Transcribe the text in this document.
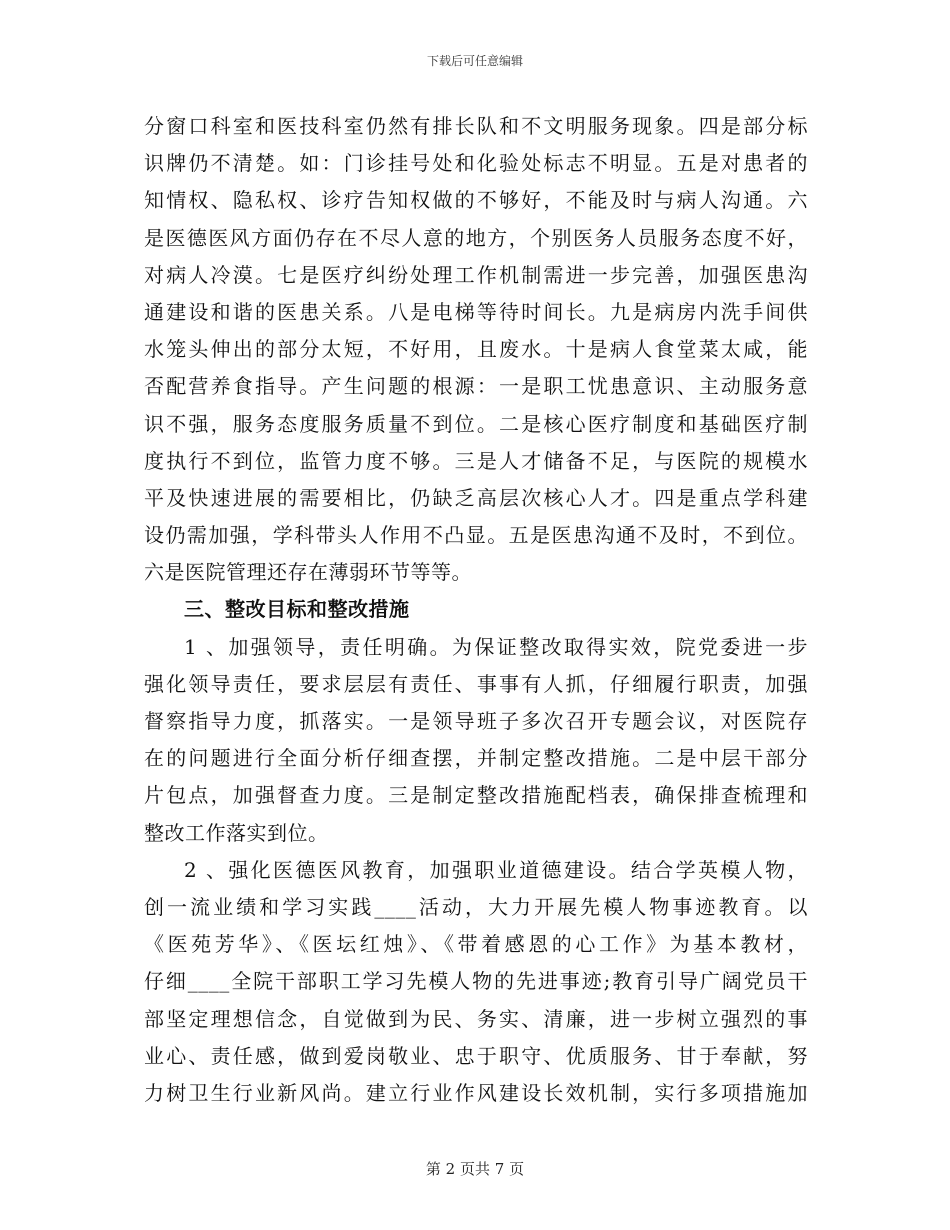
下载后可任意编辑
分窗口科室和医技科室仍然有排长队和不文明服务现象。四是部分标
识牌仍不清楚。如：门诊挂号处和化验处标志不明显。五是对患者的
知情权、隐私权、诊疗告知权做的不够好，不能及时与病人沟通。六
是医德医风方面仍存在不尽人意的地方，个别医务人员服务态度不好，
对病人冷漠。七是医疗纠纷处理工作机制需进一步完善，加强医患沟
通建设和谐的医患关系。八是电梯等待时间长。九是病房内洗手间供
水笼头伸出的部分太短，不好用，且废水。十是病人食堂菜太咸，能
否配营养食指导。产生问题的根源：一是职工忧患意识、主动服务意
识不强，服务态度服务质量不到位。二是核心医疗制度和基础医疗制
度执行不到位，监管力度不够。三是人才储备不足，与医院的规模水
平及快速进展的需要相比，仍缺乏高层次核心人才。四是重点学科建
设仍需加强，学科带头人作用不凸显。五是医患沟通不及时，不到位。
六是医院管理还存在薄弱环节等等。
三、整改目标和整改措施
1 、加强领导，责任明确。为保证整改取得实效，院党委进一步
强化领导责任，要求层层有责任、事事有人抓，仔细履行职责，加强
督察指导力度，抓落实。一是领导班子多次召开专题会议，对医院存
在的问题进行全面分析仔细查摆，并制定整改措施。二是中层干部分
片包点，加强督查力度。三是制定整改措施配档表，确保排查梳理和
整改工作落实到位。
2 、强化医德医风教育，加强职业道德建设。结合学英模人物，
创一流业绩和学习实践____活动，大力开展先模人物事迹教育。以
《医苑芳华》、《医坛红烛》、《带着感恩的心工作》为基本教材，
仔细____全院干部职工学习先模人物的先进事迹;教育引导广阔党员干
部坚定理想信念，自觉做到为民、务实、清廉，进一步树立强烈的事
业心、责任感，做到爱岗敬业、忠于职守、优质服务、甘于奉献，努
力树卫生行业新风尚。建立行业作风建设长效机制，实行多项措施加
第 2 页共 7 页
